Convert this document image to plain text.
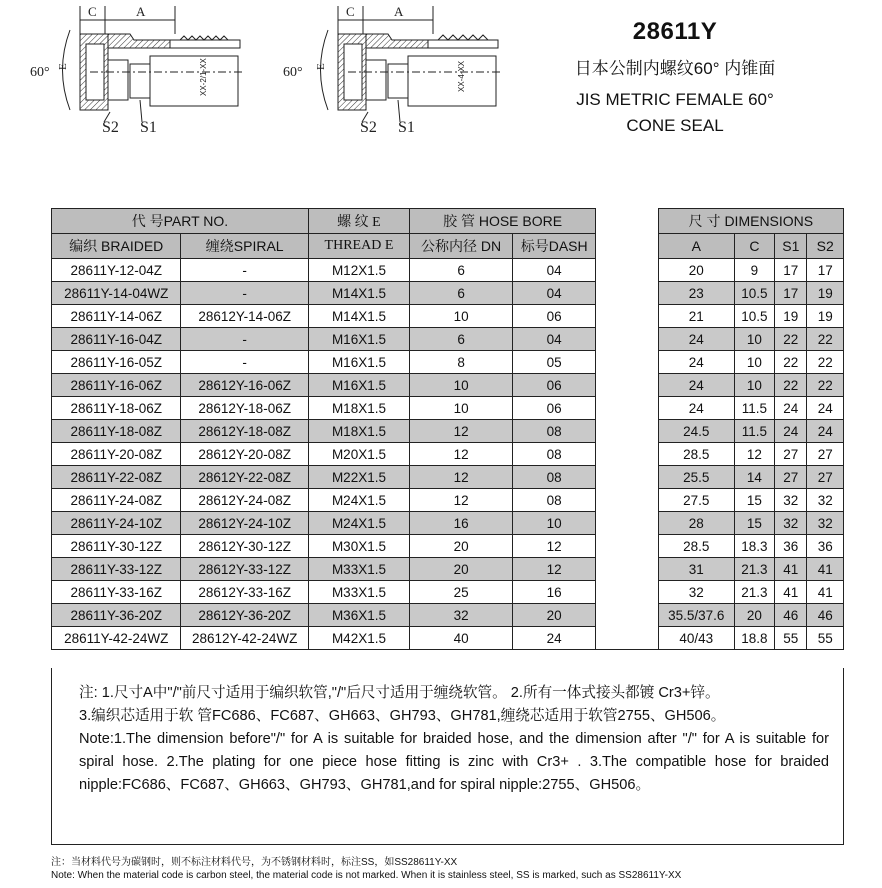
C	A
60° E	XX-2/1-XX
S2 S1
C	A
60° E	XX-4-XX
S2 S1
28611Y
日本公制内螺纹60° 内锥面
JIS METRIC FEMALE 60°
CONE SEAL
代 号PART NO.		螺 纹 E	胶 管 HOSE BORE			尺 寸 DIMENSIONS			
编织 BRAIDED	缠绕SPIRAL	THREAD E	公称内径 DN	标号DASH		A	C	S1	S2
28611Y-12-04Z	-	M12X1.5	6	04		20	9	17	17
28611Y-14-04WZ	-	M14X1.5	6	04		23	10.5	17	19
28611Y-14-06Z	28612Y-14-06Z	M14X1.5	10	06		21	10.5	19	19
28611Y-16-04Z	-	M16X1.5	6	04		24	10	22	22
28611Y-16-05Z	-	M16X1.5	8	05		24	10	22	22
28611Y-16-06Z	28612Y-16-06Z	M16X1.5	10	06		24	10	22	22
28611Y-18-06Z	28612Y-18-06Z	M18X1.5	10	06		24	11.5	24	24
28611Y-18-08Z	28612Y-18-08Z	M18X1.5	12	08		24.5	11.5	24	24
28611Y-20-08Z	28612Y-20-08Z	M20X1.5	12	08		28.5	12	27	27
28611Y-22-08Z	28612Y-22-08Z	M22X1.5	12	08		25.5	14	27	27
28611Y-24-08Z	28612Y-24-08Z	M24X1.5	12	08		27.5	15	32	32
28611Y-24-10Z	28612Y-24-10Z	M24X1.5	16	10		28	15	32	32
28611Y-30-12Z	28612Y-30-12Z	M30X1.5	20	12		28.5	18.3	36	36
28611Y-33-12Z	28612Y-33-12Z	M33X1.5	20	12		31	21.3	41	41
28611Y-33-16Z	28612Y-33-16Z	M33X1.5	25	16		32	21.3	41	41
28611Y-36-20Z	28612Y-36-20Z	M36X1.5	32	20		35.5/37.6	20	46	46
28611Y-42-24WZ	28612Y-42-24WZ	M42X1.5	40	24		40/43	18.8	55	55

注: 1.尺寸A中"/"前尺寸适用于编织软管,"/"后尺寸适用于缠绕软管。 2.所有一体式接头都镀 Cr3+锌。

3.编织芯适用于软 管FC686、FC687、GH663、GH793、GH781,缠绕芯适用于软管2755、GH506。

Note:1.The dimension before"/" for A is suitable for braided hose, and the dimension after "/" for A is suitable for spiral hose. 2.The plating for one piece hose fitting is zinc with Cr3+ . 3.The compatible hose for braided nipple:FC686、FC687、GH663、GH793、GH781,and for spiral nipple:2755、GH506。

注：当材料代号为碳钢时，则不标注材料代号，为不锈钢材料时，标注SS，如SS28611Y-XX

Note: When the material code is carbon steel, the material code is not marked. When it is stainless steel, SS is marked, such as SS28611Y-XX
